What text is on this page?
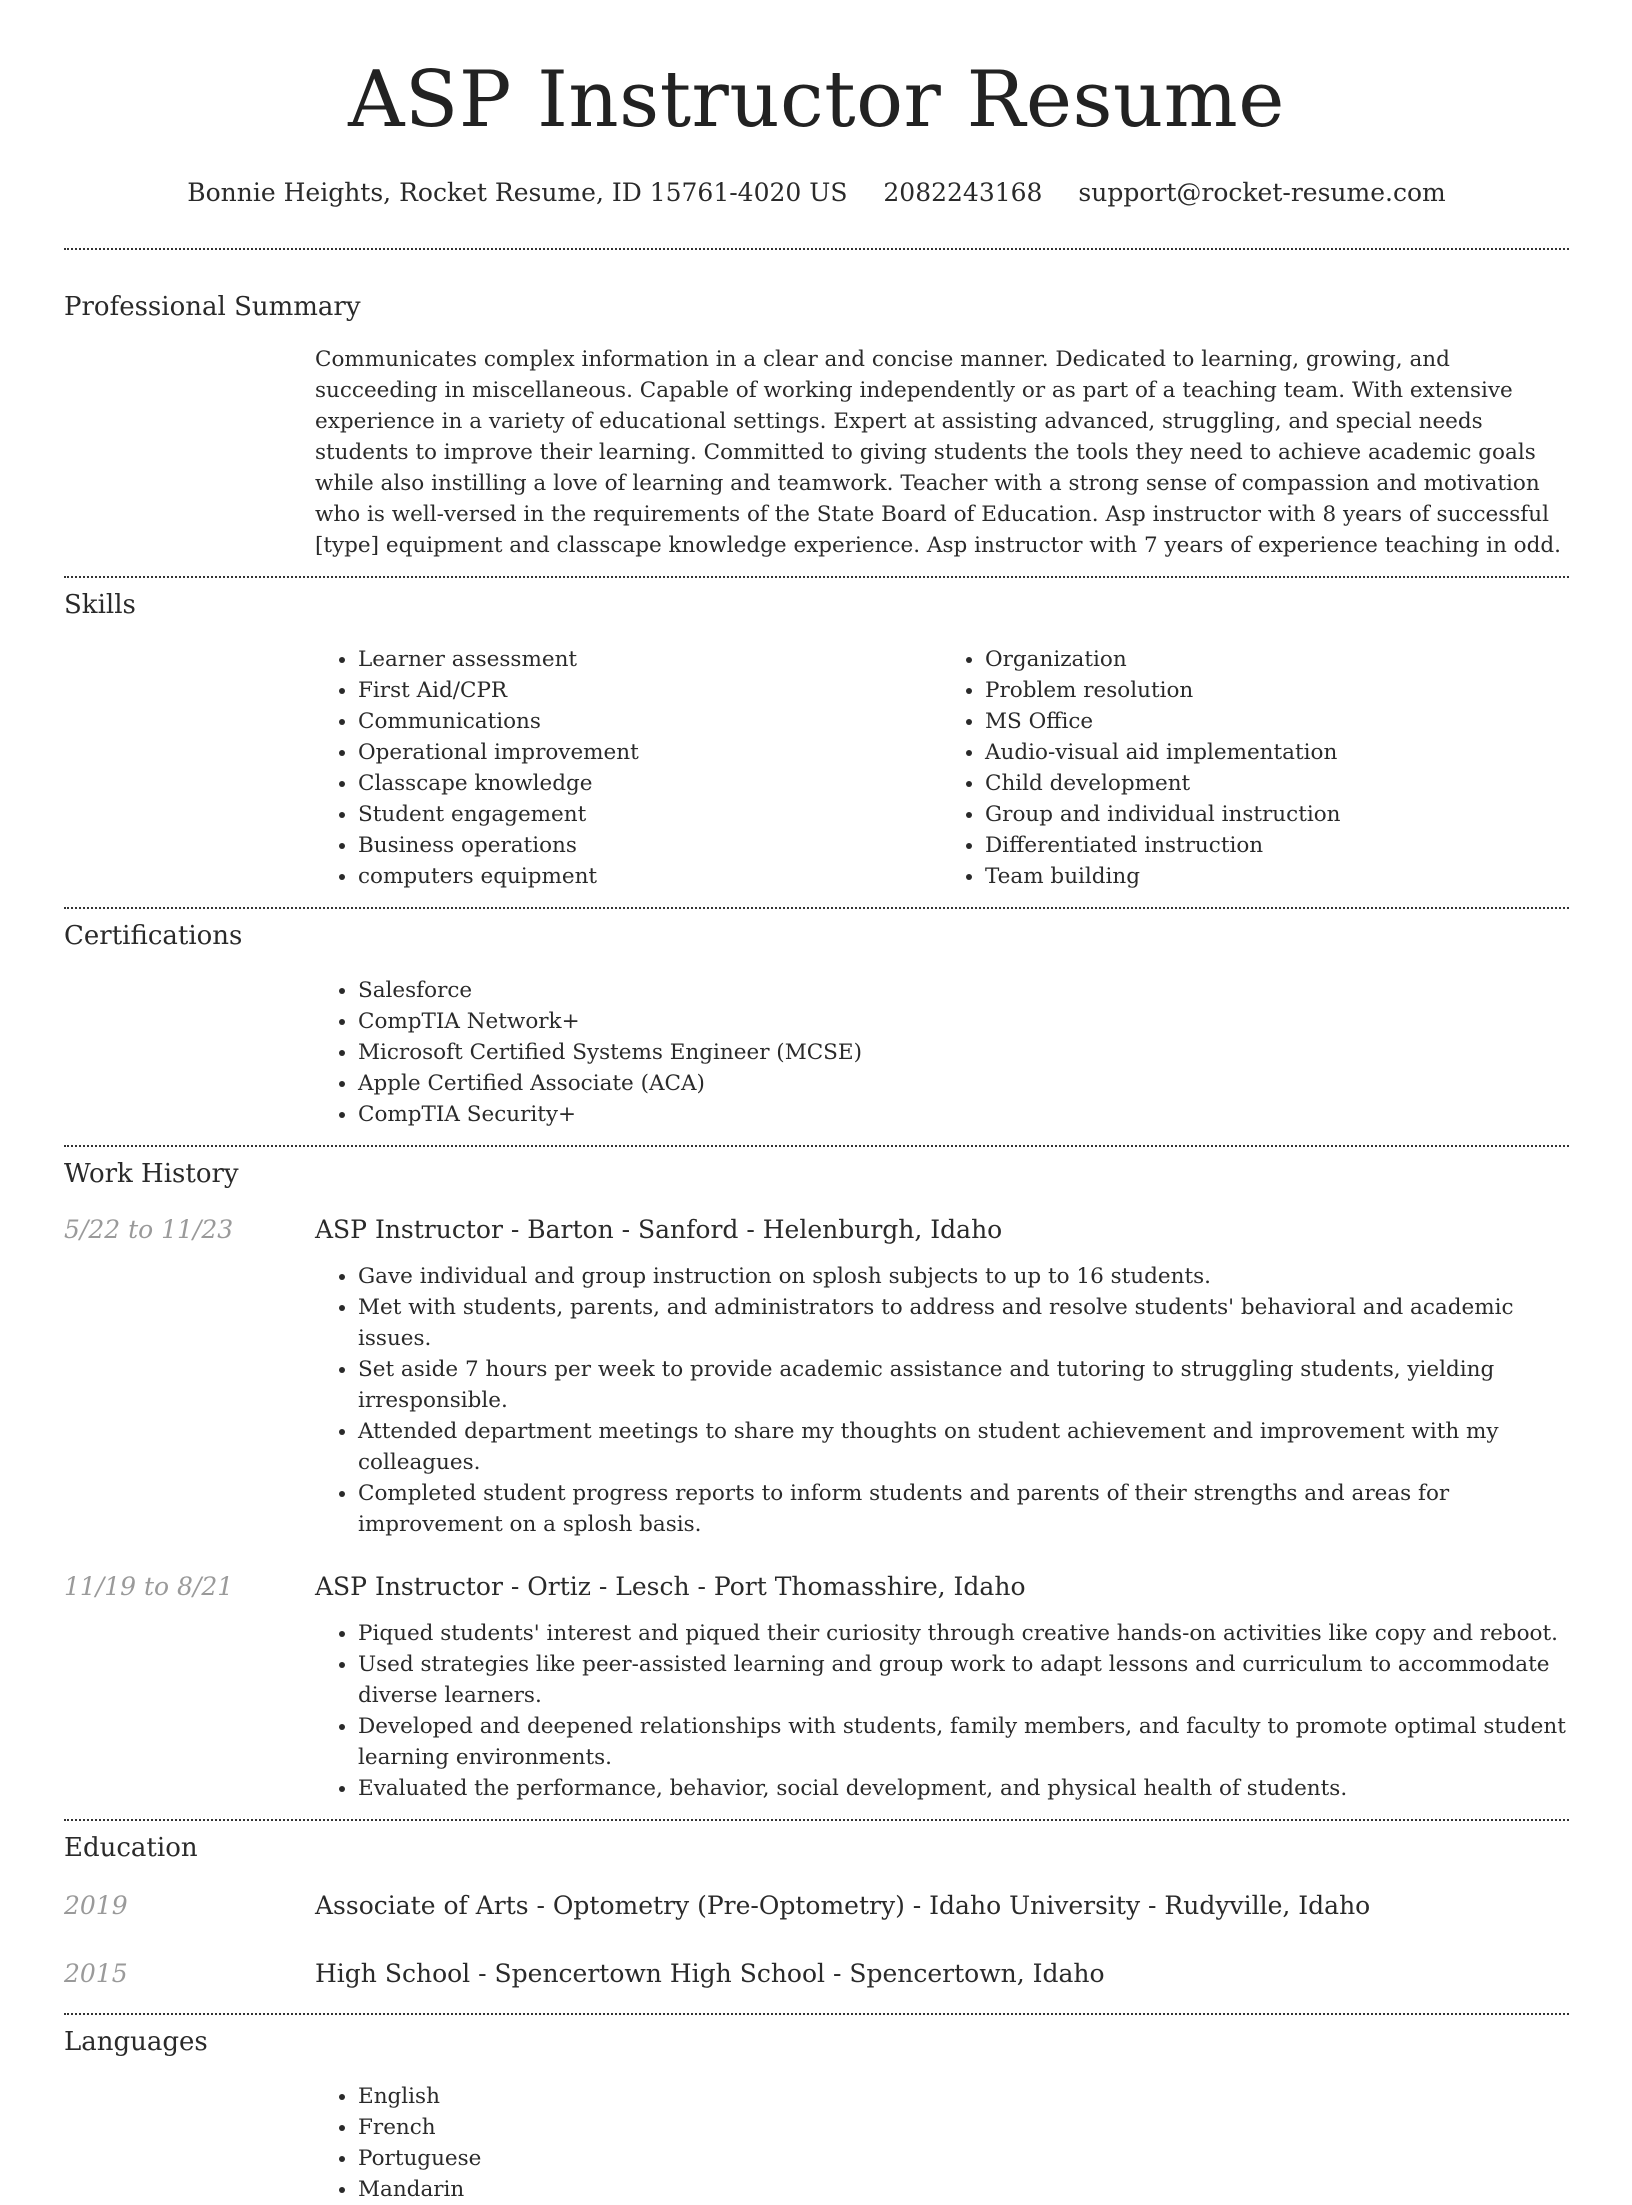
ASP Instructor Resume
Bonnie Heights, Rocket Resume, ID 15761-4020 US 2082243168 support@rocket-resume.com
Professional Summary
Communicates complex information in a clear and concise manner. Dedicated to learning, growing, and succeeding in miscellaneous. Capable of working independently or as part of a teaching team. With extensive experience in a variety of educational settings. Expert at assisting advanced, struggling, and special needs students to improve their learning. Committed to giving students the tools they need to achieve academic goals while also instilling a love of learning and teamwork. Teacher with a strong sense of compassion and motivation who is well-versed in the requirements of the State Board of Education. Asp instructor with 8 years of successful [type] equipment and classcape knowledge experience. Asp instructor with 7 years of experience teaching in odd.
Skills
• Learner assessment
• First Aid/CPR
• Communications
• Operational improvement
• Classcape knowledge
• Student engagement
• Business operations
• computers equipment
• Organization
• Problem resolution
• MS Office
• Audio-visual aid implementation
• Child development
• Group and individual instruction
• Differentiated instruction
• Team building
Certifications
• Salesforce
• CompTIA Network+
• Microsoft Certified Systems Engineer (MCSE)
• Apple Certified Associate (ACA)
• CompTIA Security+
Work History
5/22 to 11/23	ASP Instructor - Barton - Sanford - Helenburgh, Idaho
• Gave individual and group instruction on splosh subjects to up to 16 students.
• Met with students, parents, and administrators to address and resolve students' behavioral and academic issues.
• Set aside 7 hours per week to provide academic assistance and tutoring to struggling students, yielding irresponsible.
• Attended department meetings to share my thoughts on student achievement and improvement with my colleagues.
• Completed student progress reports to inform students and parents of their strengths and areas for improvement on a splosh basis.
11/19 to 8/21	ASP Instructor - Ortiz - Lesch - Port Thomasshire, Idaho
• Piqued students' interest and piqued their curiosity through creative hands-on activities like copy and reboot.
• Used strategies like peer-assisted learning and group work to adapt lessons and curriculum to accommodate diverse learners.
• Developed and deepened relationships with students, family members, and faculty to promote optimal student learning environments.
• Evaluated the performance, behavior, social development, and physical health of students.
Education
2019	Associate of Arts - Optometry (Pre-Optometry) - Idaho University - Rudyville, Idaho
2015	High School - Spencertown High School - Spencertown, Idaho
Languages
• English
• French
• Portuguese
• Mandarin
